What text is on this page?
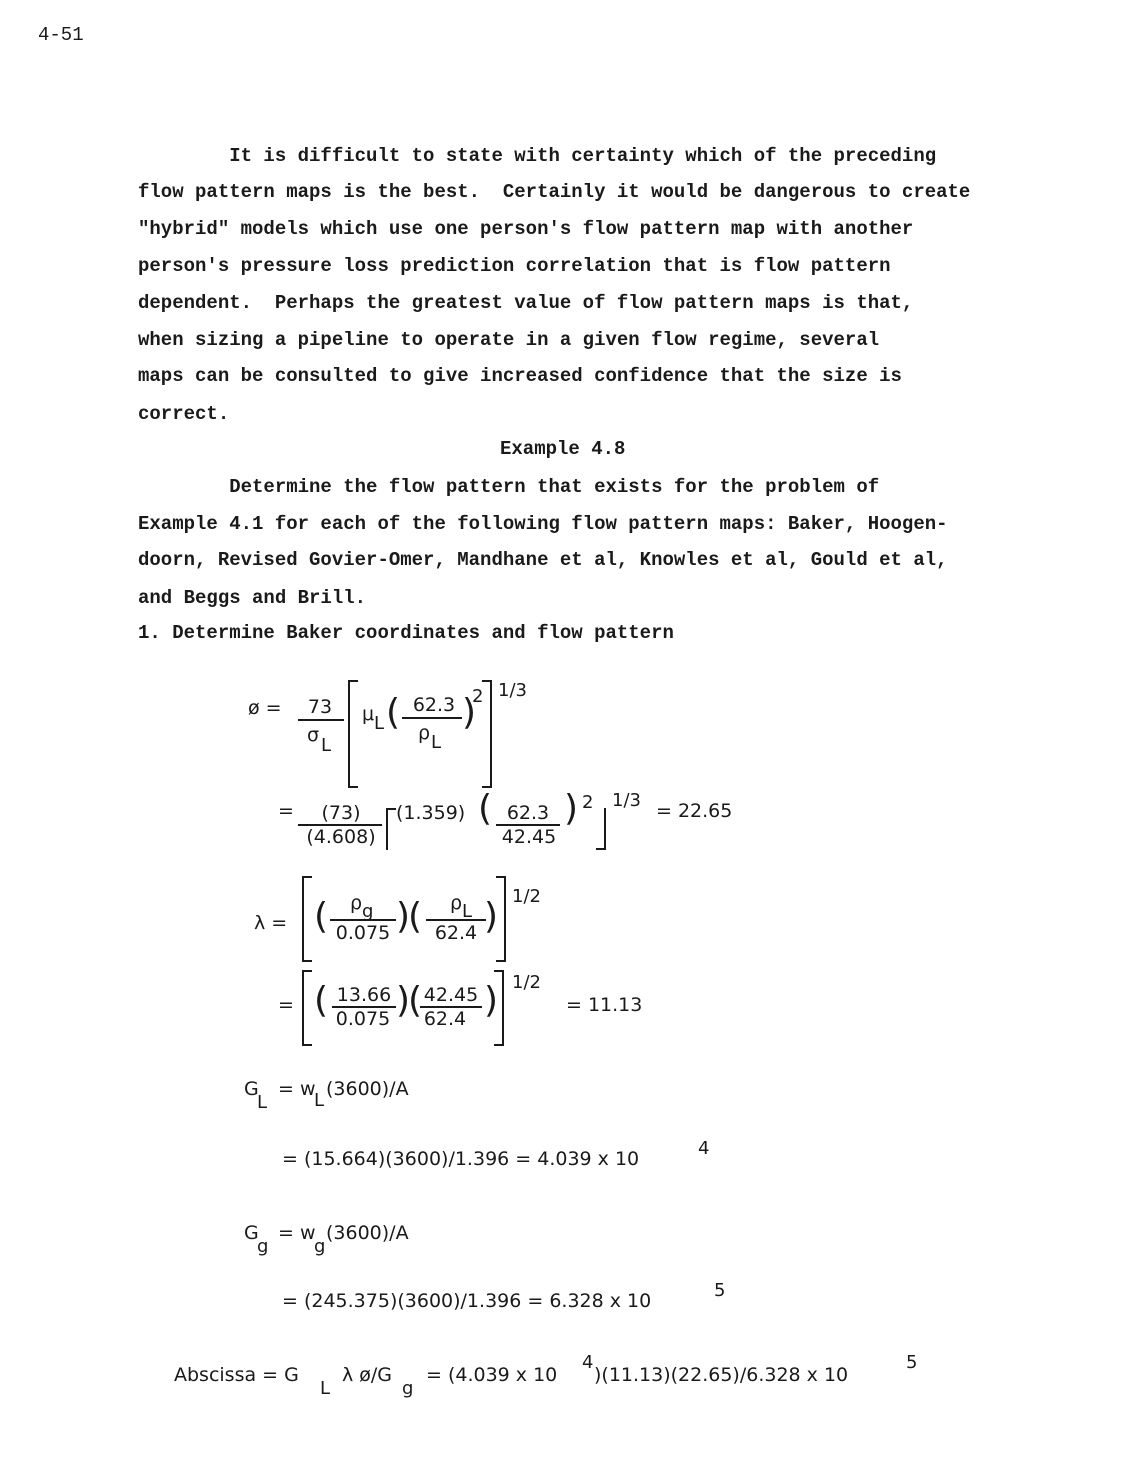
4-51
It is difficult to state with certainty which of the preceding
flow pattern maps is the best.  Certainly it would be dangerous to create
"hybrid" models which use one person's flow pattern map with another
person's pressure loss prediction correlation that is flow pattern
dependent.  Perhaps the greatest value of flow pattern maps is that,
when sizing a pipeline to operate in a given flow regime, several
maps can be consulted to give increased confidence that the size is
correct.
Example 4.8
Determine the flow pattern that exists for the problem of
Example 4.1 for each of the following flow pattern maps: Baker, Hoogen-
doorn, Revised Govier-Omer, Mandhane et al, Knowles et al, Gould et al,
and Beggs and Brill.
1. Determine Baker coordinates and flow pattern
ø =	73
σ L
μ L ( 62.3
ρ L
)
2 1/3
=	(73)
(4.608)
(1.359) ( 62.3
42.45
) 2 1/3 = 22.65
λ = ( ρ g
0.075 )
( ρ L
62.4 ) 1/2
= ( 13.66
0.075 )
( 42.45
62.4 ) 1/2
= 11.13
G
L
= w
L
(3600)/A
= (15.664)(3600)/1.396 = 4.039 x 10	4
G
g
= w
g
(3600)/A
= (245.375)(3600)/1.396 = 6.328 x 10	5
Abscissa = G
L
λ ø/G
g
= (4.039 x 10
4
)(11.13)(22.65)/6.328 x 10
5
